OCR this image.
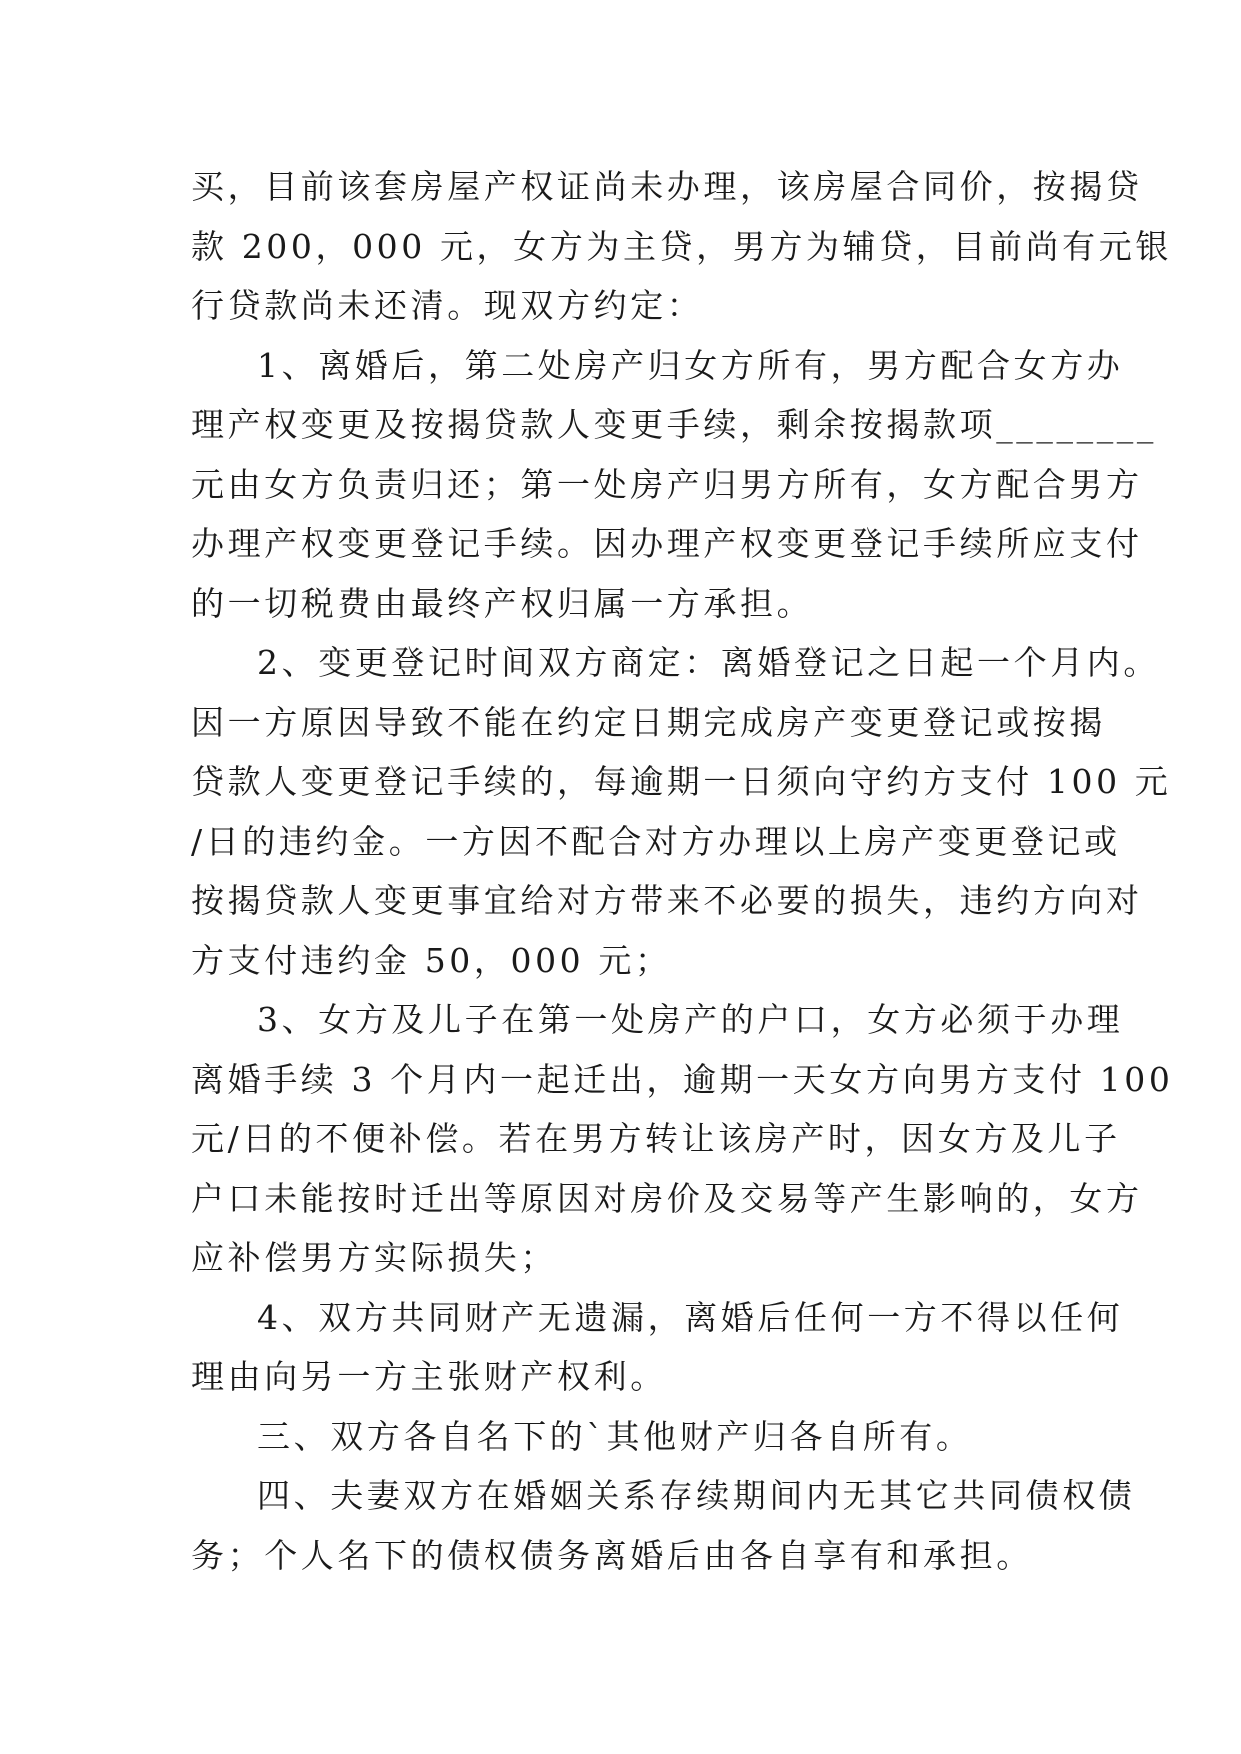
买，目前该套房屋产权证尚未办理，该房屋合同价，按揭贷
款 200，000 元，女方为主贷，男方为辅贷，目前尚有元银
行贷款尚未还清。现双方约定：
1、离婚后，第二处房产归女方所有，男方配合女方办
理产权变更及按揭贷款人变更手续，剩余按揭款项________
元由女方负责归还；第一处房产归男方所有，女方配合男方
办理产权变更登记手续。因办理产权变更登记手续所应支付
的一切税费由最终产权归属一方承担。
2、变更登记时间双方商定：离婚登记之日起一个月内。
因一方原因导致不能在约定日期完成房产变更登记或按揭
贷款人变更登记手续的，每逾期一日须向守约方支付 100 元
/日的违约金。一方因不配合对方办理以上房产变更登记或
按揭贷款人变更事宜给对方带来不必要的损失，违约方向对
方支付违约金 50，000 元；
3、女方及儿子在第一处房产的户口，女方必须于办理
离婚手续 3 个月内一起迁出，逾期一天女方向男方支付 100
元/日的不便补偿。若在男方转让该房产时，因女方及儿子
户口未能按时迁出等原因对房价及交易等产生影响的，女方
应补偿男方实际损失；
4、双方共同财产无遗漏，离婚后任何一方不得以任何
理由向另一方主张财产权利。
三、双方各自名下的`其他财产归各自所有。
四、夫妻双方在婚姻关系存续期间内无其它共同债权债
务；个人名下的债权债务离婚后由各自享有和承担。
